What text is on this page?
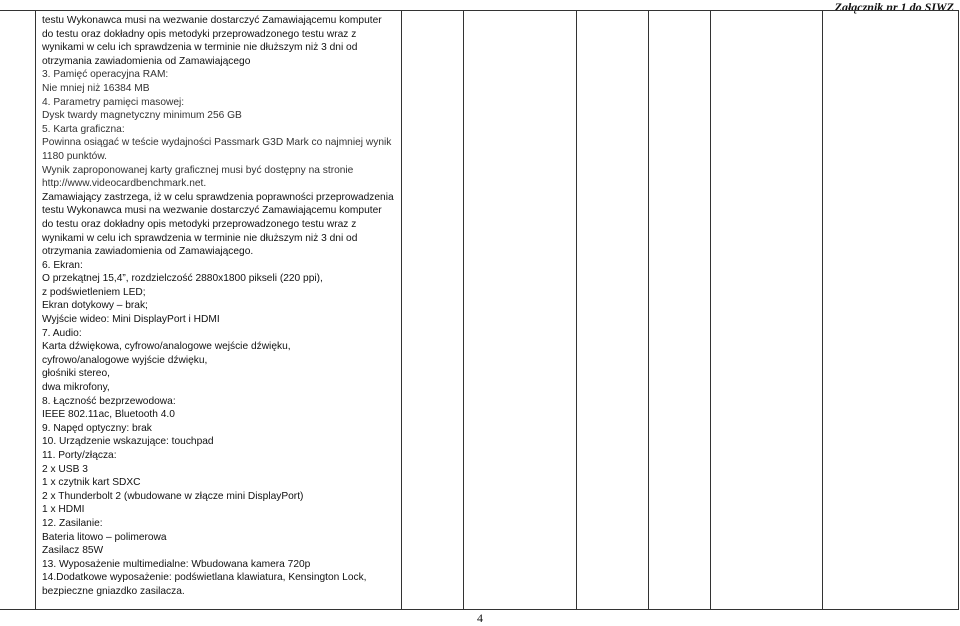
Załącznik nr 1 do SIWZ
testu Wykonawca musi na wezwanie dostarczyć Zamawiającemu komputer
do testu oraz dokładny opis metodyki przeprowadzonego testu wraz z
wynikami w celu ich sprawdzenia w terminie nie dłuższym niż 3 dni od
otrzymania zawiadomienia od Zamawiającego
3. Pamięć operacyjna RAM:
Nie mniej niż 16384 MB
4. Parametry pamięci masowej:
Dysk twardy magnetyczny minimum 256 GB
5. Karta graficzna:
Powinna osiągać w teście wydajności Passmark G3D Mark co najmniej wynik
1180 punktów.
Wynik zaproponowanej karty graficznej musi być dostępny na stronie
http://www.videocardbenchmark.net.
Zamawiający zastrzega, iż w celu sprawdzenia poprawności przeprowadzenia
testu Wykonawca musi na wezwanie dostarczyć Zamawiającemu komputer
do testu oraz dokładny opis metodyki przeprowadzonego testu wraz z
wynikami w celu ich sprawdzenia w terminie nie dłuższym niż 3 dni od
otrzymania zawiadomienia od Zamawiającego.
6. Ekran:
O przekątnej 15,4”, rozdzielczość 2880x1800 pikseli (220 ppi),
z podświetleniem LED;
Ekran dotykowy – brak;
Wyjście wideo: Mini DisplayPort i HDMI
7. Audio:
Karta dźwiękowa, cyfrowo/analogowe wejście dźwięku,
cyfrowo/analogowe wyjście dźwięku,
głośniki stereo,
dwa mikrofony,
8. Łączność bezprzewodowa:
IEEE 802.11ac, Bluetooth 4.0
9. Napęd optyczny: brak
10. Urządzenie wskazujące: touchpad
11. Porty/złącza:
2 x USB 3
1 x czytnik kart SDXC
2 x Thunderbolt 2 (wbudowane w złącze mini DisplayPort)
1 x HDMI
12. Zasilanie:
Bateria litowo – polimerowa
Zasilacz 85W
13. Wyposażenie multimedialne: Wbudowana kamera 720p
14.Dodatkowe wyposażenie: podświetlana klawiatura, Kensington Lock,
bezpieczne gniazdko zasilacza.
4
